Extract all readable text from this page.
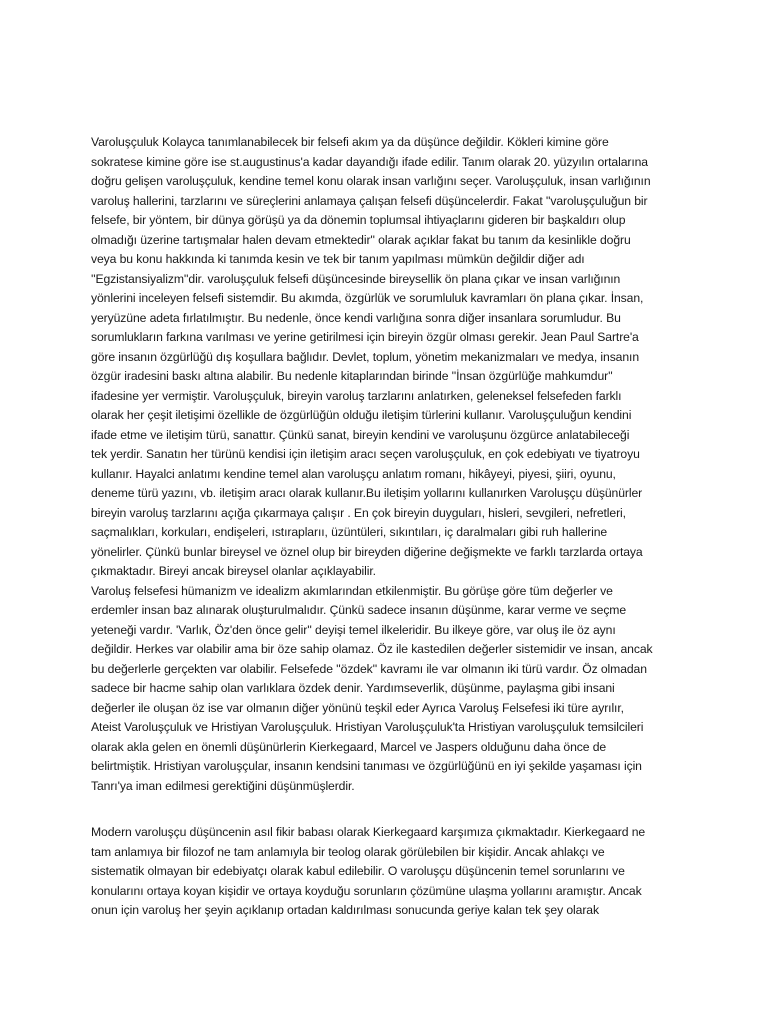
Varoluşçuluk Kolayca tanımlanabilecek bir felsefi akım ya da düşünce değildir. Kökleri kimine göre
sokratese kimine göre ise st.augustinus'a kadar dayandığı ifade edilir. Tanım olarak 20. yüzyılın ortalarına
doğru gelişen varoluşçuluk, kendine temel konu olarak insan varlığını seçer. Varoluşçuluk, insan varlığının
varoluş hallerini, tarzlarını ve süreçlerini anlamaya çalışan felsefi düşüncelerdir. Fakat ''varoluşçuluğun bir
felsefe, bir yöntem, bir dünya görüşü ya da dönemin toplumsal ihtiyaçlarını gideren bir başkaldırı olup
olmadığı üzerine tartışmalar halen devam etmektedir'' olarak açıklar fakat bu tanım da kesinlikle doğru
veya bu konu hakkında ki tanımda kesin ve tek bir tanım yapılması mümkün değildir diğer adı
''Egzistansiyalizm''dir. varoluşçuluk felsefi düşüncesinde bireysellik ön plana çıkar ve insan varlığının
yönlerini inceleyen felsefi sistemdir. Bu akımda, özgürlük ve sorumluluk kavramları ön plana çıkar. İnsan,
yeryüzüne adeta fırlatılmıştır. Bu nedenle, önce kendi varlığına sonra diğer insanlara sorumludur. Bu
sorumlukların farkına varılması ve yerine getirilmesi için bireyin özgür olması gerekir. Jean Paul Sartre'a
göre insanın özgürlüğü dış koşullara bağlıdır. Devlet, toplum, yönetim mekanizmaları ve medya, insanın
özgür iradesini baskı altına alabilir. Bu nedenle kitaplarından birinde ''İnsan özgürlüğe mahkumdur''
ifadesine yer vermiştir. Varoluşçuluk, bireyin varoluş tarzlarını anlatırken, geleneksel felsefeden farklı
olarak her çeşit iletişimi özellikle de özgürlüğün olduğu iletişim türlerini kullanır. Varoluşçuluğun kendini
ifade etme ve iletişim türü, sanattır. Çünkü sanat, bireyin kendini ve varoluşunu özgürce anlatabileceği
tek yerdir. Sanatın her türünü kendisi için iletişim aracı seçen varoluşçuluk, en çok edebiyatı ve tiyatroyu
kullanır. Hayalci anlatımı kendine temel alan varoluşçu anlatım romanı, hikâyeyi, piyesi, şiiri, oyunu,
deneme türü yazını, vb. iletişim aracı olarak kullanır.Bu iletişim yollarını kullanırken Varoluşçu düşünürler
bireyin varoluş tarzlarını açığa çıkarmaya çalışır . En çok bireyin duyguları, hisleri, sevgileri, nefretleri,
saçmalıkları, korkuları, endişeleri, ıstıraplarıı, üzüntüleri, sıkıntıları, iç daralmaları gibi ruh hallerine
yönelirler. Çünkü bunlar bireysel ve öznel olup bir bireyden diğerine değişmekte ve farklı tarzlarda ortaya
çıkmaktadır. Bireyi ancak bireysel olanlar açıklayabilir.
Varoluş felsefesi hümanizm ve idealizm akımlarından etkilenmiştir. Bu görüşe göre tüm değerler ve
erdemler insan baz alınarak oluşturulmalıdır. Çünkü sadece insanın düşünme, karar verme ve seçme
yeteneği vardır. 'Varlık, Öz'den önce gelir'' deyişi temel ilkeleridir. Bu ilkeye göre, var oluş ile öz aynı
değildir. Herkes var olabilir ama bir öze sahip olamaz. Öz ile kastedilen değerler sistemidir ve insan, ancak
bu değerlerle gerçekten var olabilir. Felsefede ''özdek'' kavramı ile var olmanın iki türü vardır. Öz olmadan
sadece bir hacme sahip olan varlıklara özdek denir. Yardımseverlik, düşünme, paylaşma gibi insani
değerler ile oluşan öz ise var olmanın diğer yönünü teşkil eder Ayrıca Varoluş Felsefesi iki türe ayrılır,
Ateist Varoluşçuluk ve Hristiyan Varoluşçuluk. Hristiyan Varoluşçuluk'ta Hristiyan varoluşçuluk temsilcileri
olarak akla gelen en önemli düşünürlerin Kierkegaard, Marcel ve Jaspers olduğunu daha önce de
belirtmiştik. Hristiyan varoluşçular, insanın kendsini tanıması ve özgürlüğünü en iyi şekilde yaşaması için
Tanrı'ya iman edilmesi gerektiğini düşünmüşlerdir.
Modern varoluşçu düşüncenin asıl fikir babası olarak Kierkegaard karşımıza çıkmaktadır. Kierkegaard ne
tam anlamıya bir filozof ne tam anlamıyla bir teolog olarak görülebilen bir kişidir. Ancak ahlakçı ve
sistematik olmayan bir edebiyatçı olarak kabul edilebilir. O varoluşçu düşüncenin temel sorunlarını ve
konularını ortaya koyan kişidir ve ortaya koyduğu sorunların çözümüne ulaşma yollarını aramıştır. Ancak
onun için varoluş her şeyin açıklanıp ortadan kaldırılması sonucunda geriye kalan tek şey olarak
